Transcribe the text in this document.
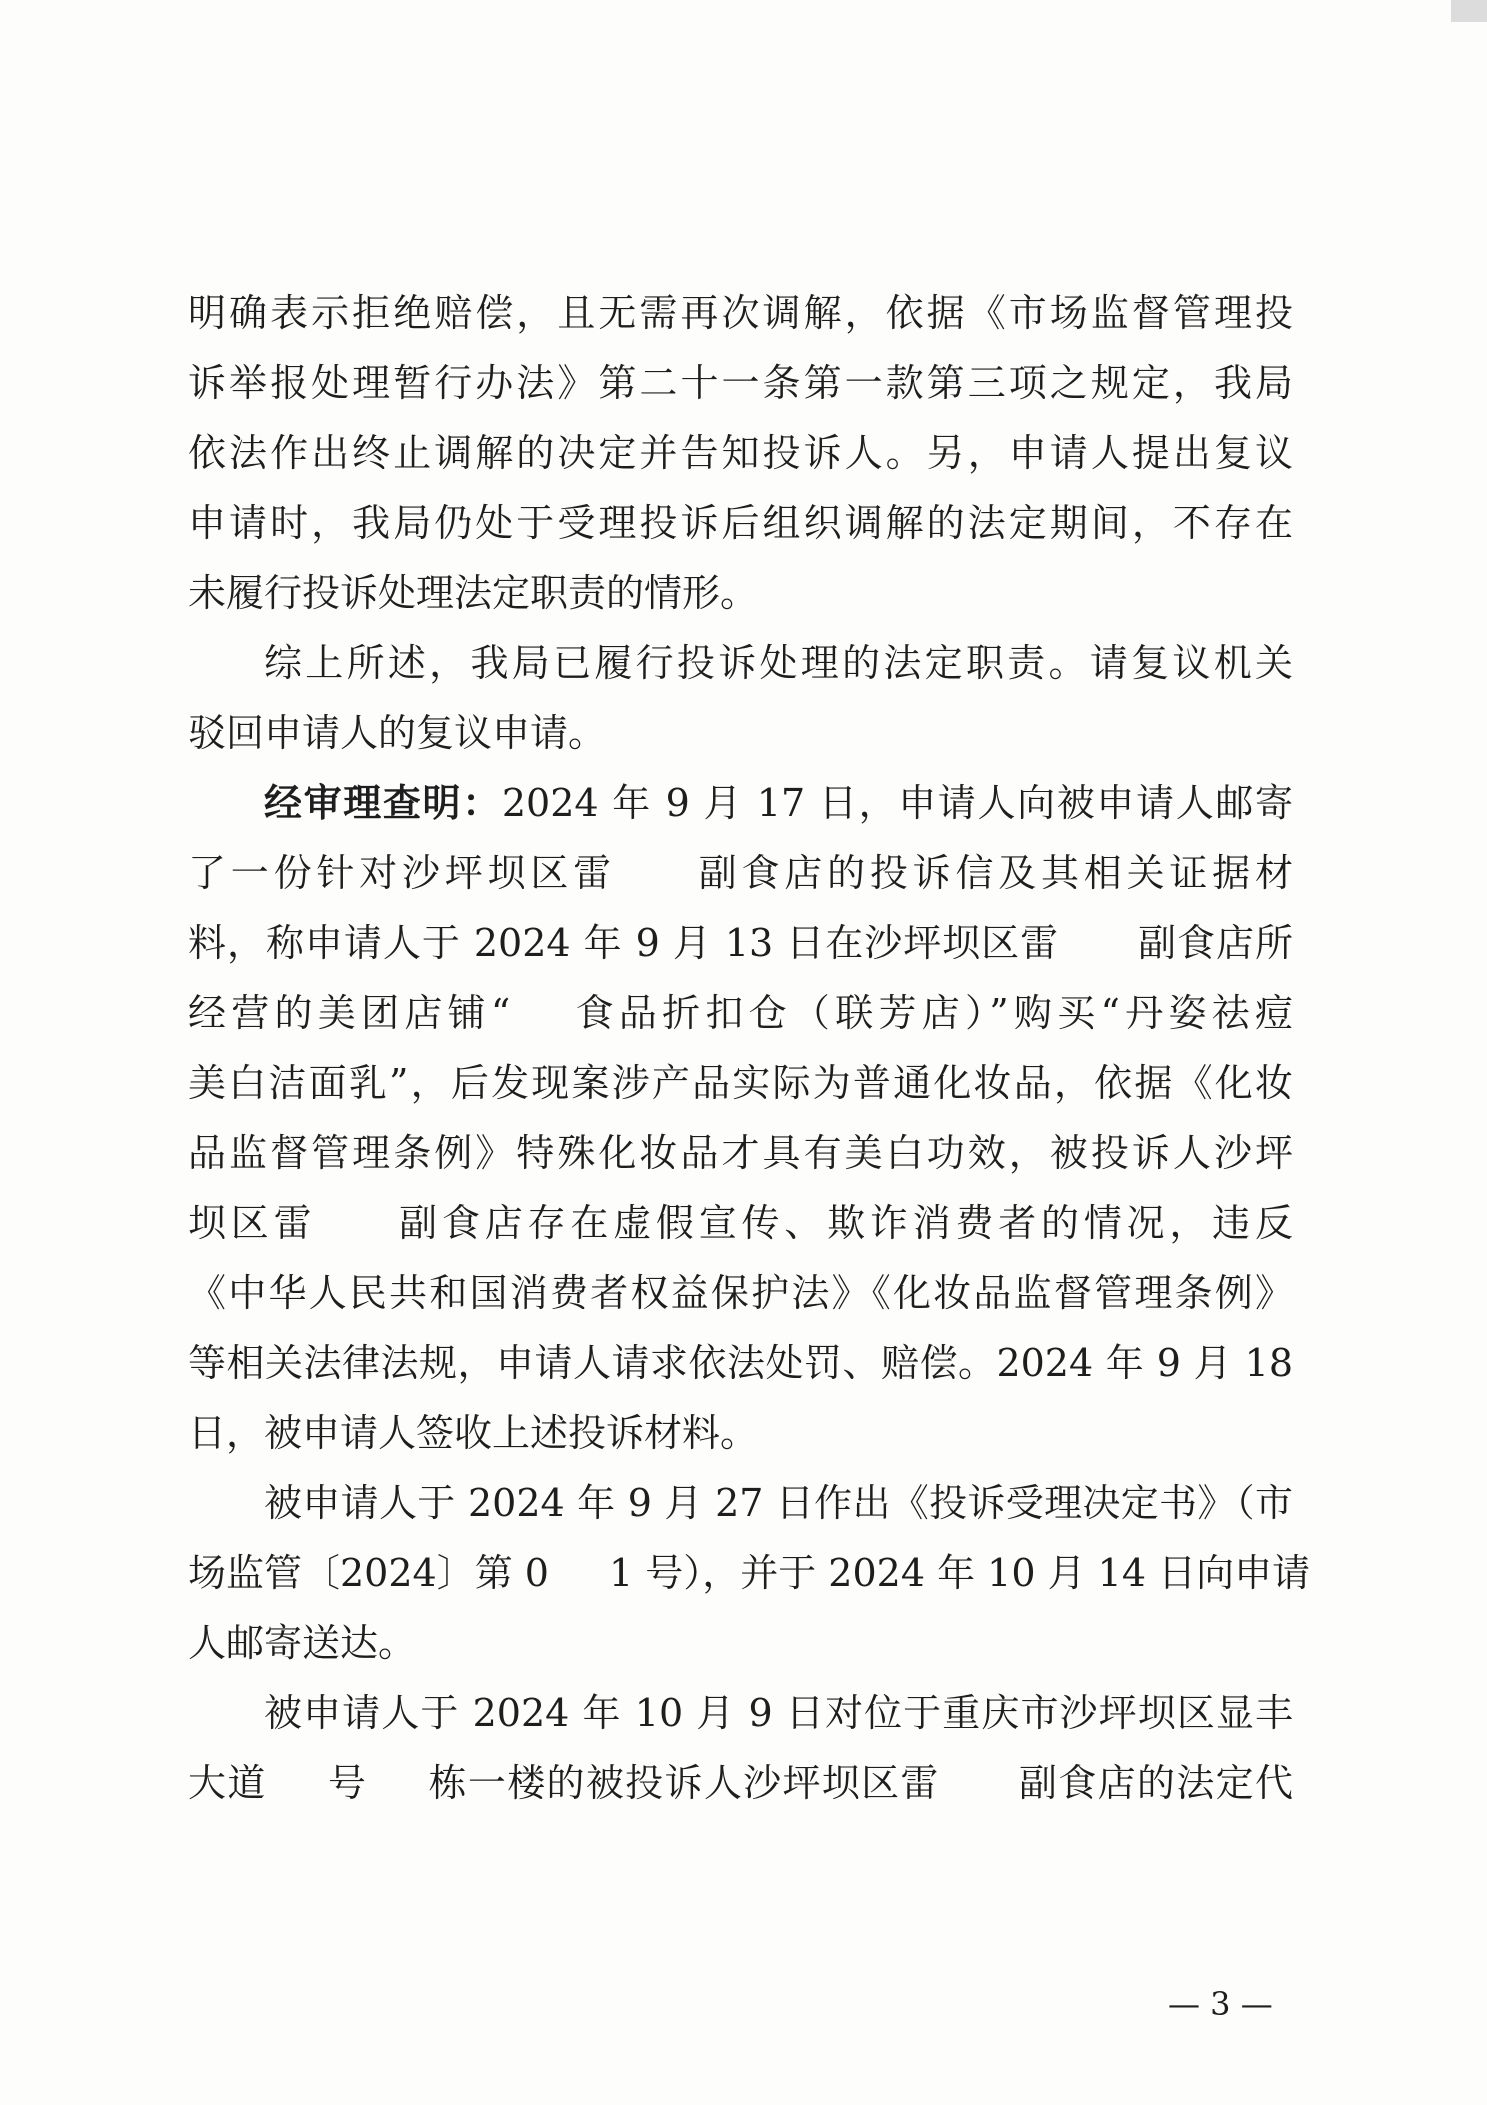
明确表示拒绝赔偿，且无需再次调解，依据《市场监督管理投
诉举报处理暂行办法》第二十一条第一款第三项之规定，我局
依法作出终止调解的决定并告知投诉人。另，申请人提出复议
申请时，我局仍处于受理投诉后组织调解的法定期间，不存在
未履行投诉处理法定职责的情形。
综上所述，我局已履行投诉处理的法定职责。请复议机关
驳回申请人的复议申请。
经审理查明：2024 年 9 月 17 日，申请人向被申请人邮寄
了一份针对沙坪坝区雷 副食店的投诉信及其相关证据材
料，称申请人于 2024 年 9 月 13 日在沙坪坝区雷 副食店所
经营的美团店铺“ 食品折扣仓（联芳店）”购买“丹姿祛痘
美白洁面乳”，后发现案涉产品实际为普通化妆品，依据《化妆
品监督管理条例》特殊化妆品才具有美白功效，被投诉人沙坪
坝区雷 副食店存在虚假宣传、欺诈消费者的情况，违反
《中华人民共和国消费者权益保护法》《化妆品监督管理条例》
等相关法律法规，申请人请求依法处罚、赔偿。2024 年 9 月 18
日，被申请人签收上述投诉材料。
被申请人于 2024 年 9 月 27 日作出《投诉受理决定书》（市
场监管〔2024〕第 0 1 号），并于 2024 年 10 月 14 日向申请
人邮寄送达。
被申请人于 2024 年 10 月 9 日对位于重庆市沙坪坝区显丰
大道 号 栋一楼的被投诉人沙坪坝区雷 副食店的法定代
— 3 —
